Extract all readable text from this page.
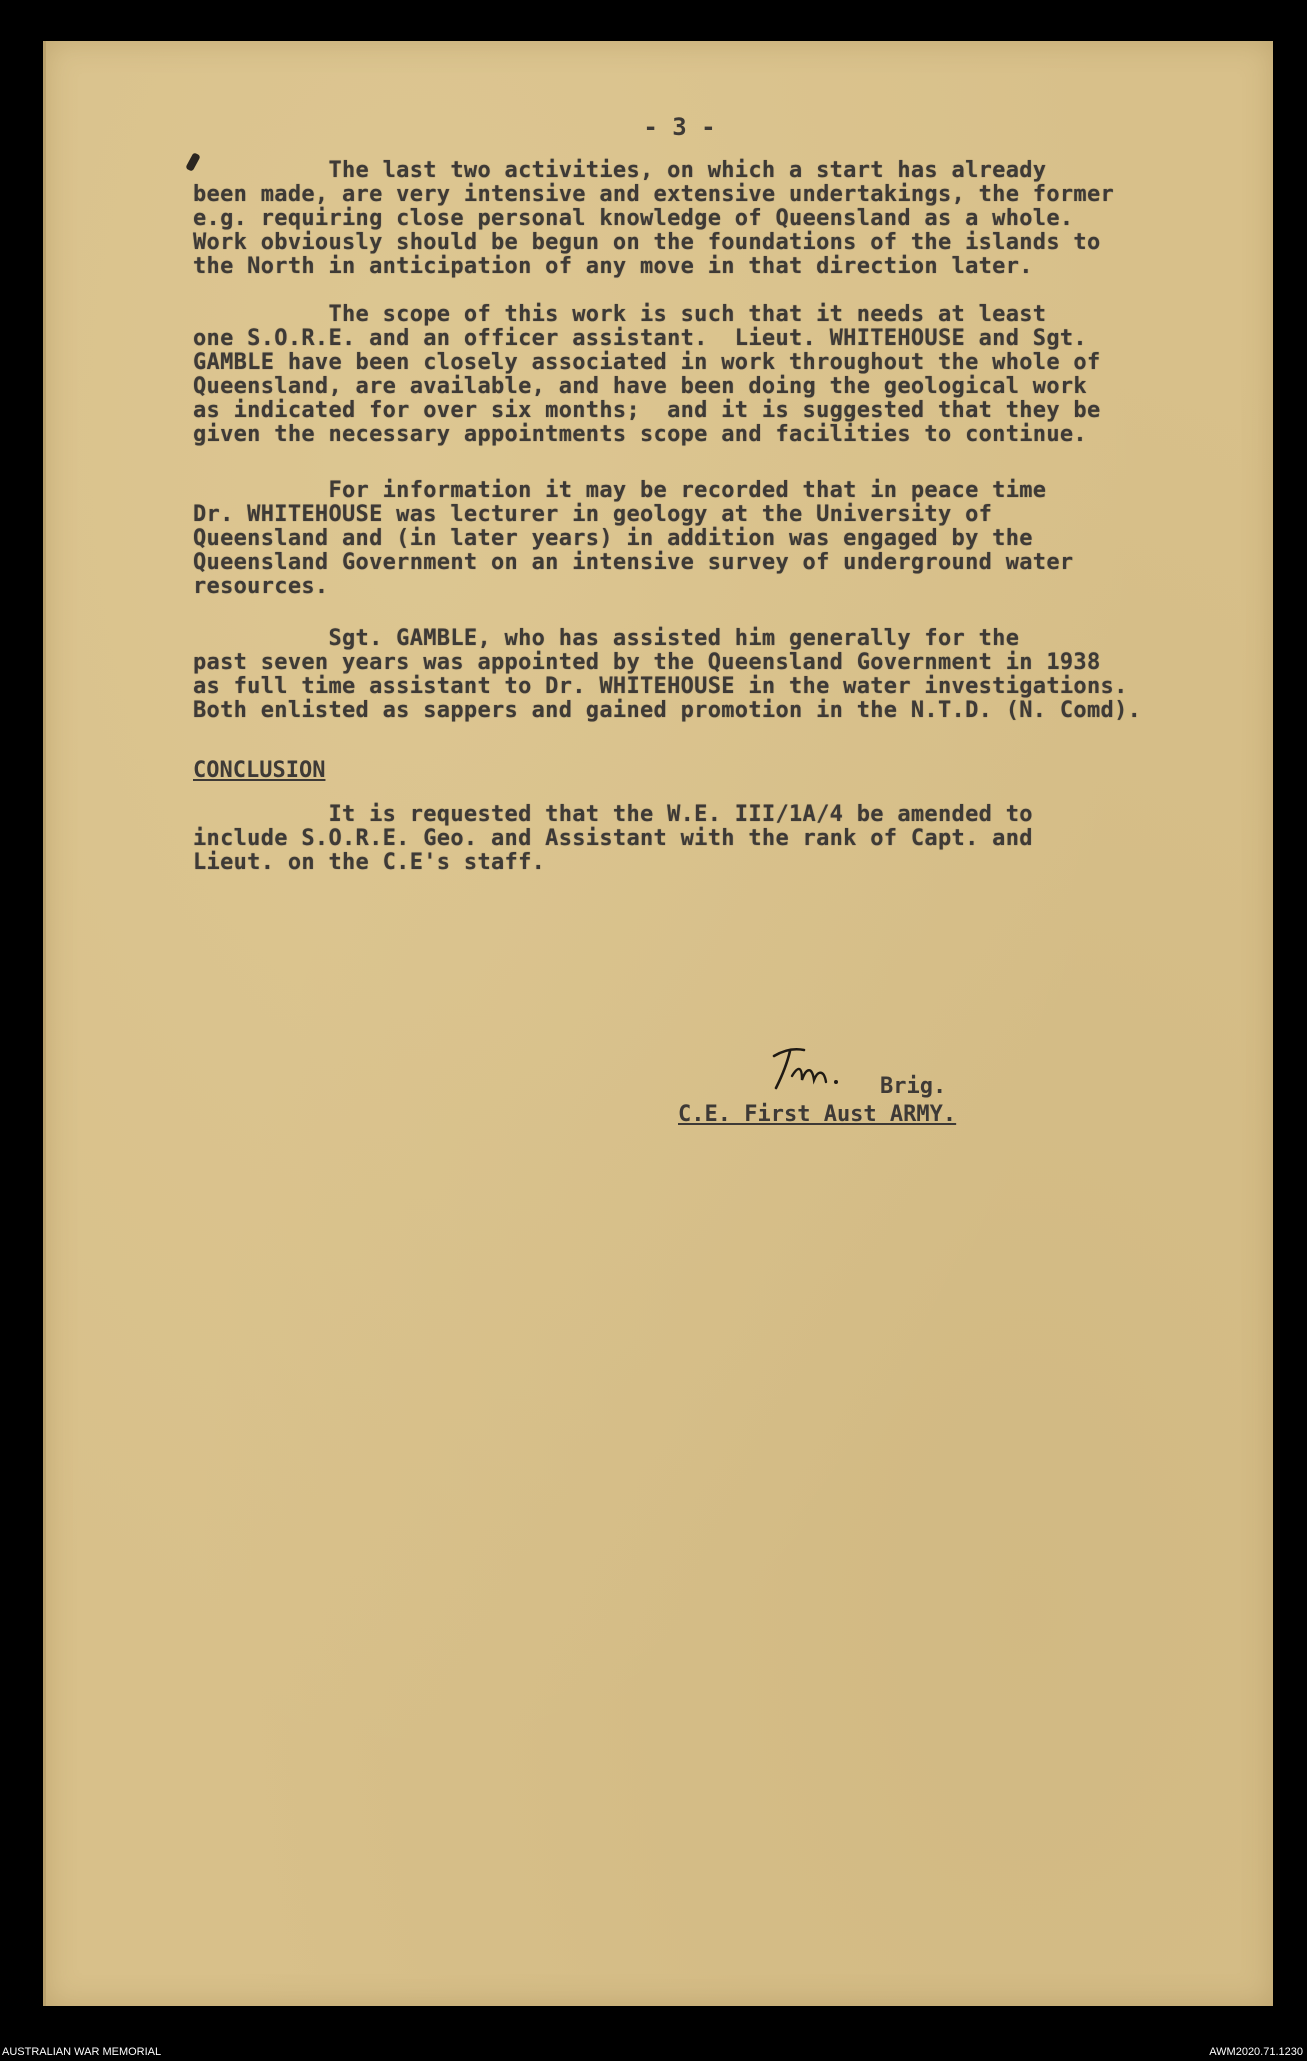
- 3 -

The last two activities, on which a start has already

been made, are very intensive and extensive undertakings, the former

e.g. requiring close personal knowledge of Queensland as a whole.

Work obviously should be begun on the foundations of the islands to

the North in anticipation of any move in that direction later.

The scope of this work is such that it needs at least

one S.O.R.E. and an officer assistant.  Lieut. WHITEHOUSE and Sgt.

GAMBLE have been closely associated in work throughout the whole of

Queensland, are available, and have been doing the geological work

as indicated for over six months;  and it is suggested that they be

given the necessary appointments scope and facilities to continue.

For information it may be recorded that in peace time

Dr. WHITEHOUSE was lecturer in geology at the University of

Queensland and (in later years) in addition was engaged by the

Queensland Government on an intensive survey of underground water

resources.

Sgt. GAMBLE, who has assisted him generally for the

past seven years was appointed by the Queensland Government in 1938

as full time assistant to Dr. WHITEHOUSE in the water investigations.

Both enlisted as sappers and gained promotion in the N.T.D. (N. Comd).

CONCLUSION

It is requested that the W.E. III/1A/4 be amended to

include S.O.R.E. Geo. and Assistant with the rank of Capt. and

Lieut. on the C.E's staff.

Brig.
C.E. First Aust ARMY.

AUSTRALIAN WAR MEMORIAL	AWM2020.71.1230
